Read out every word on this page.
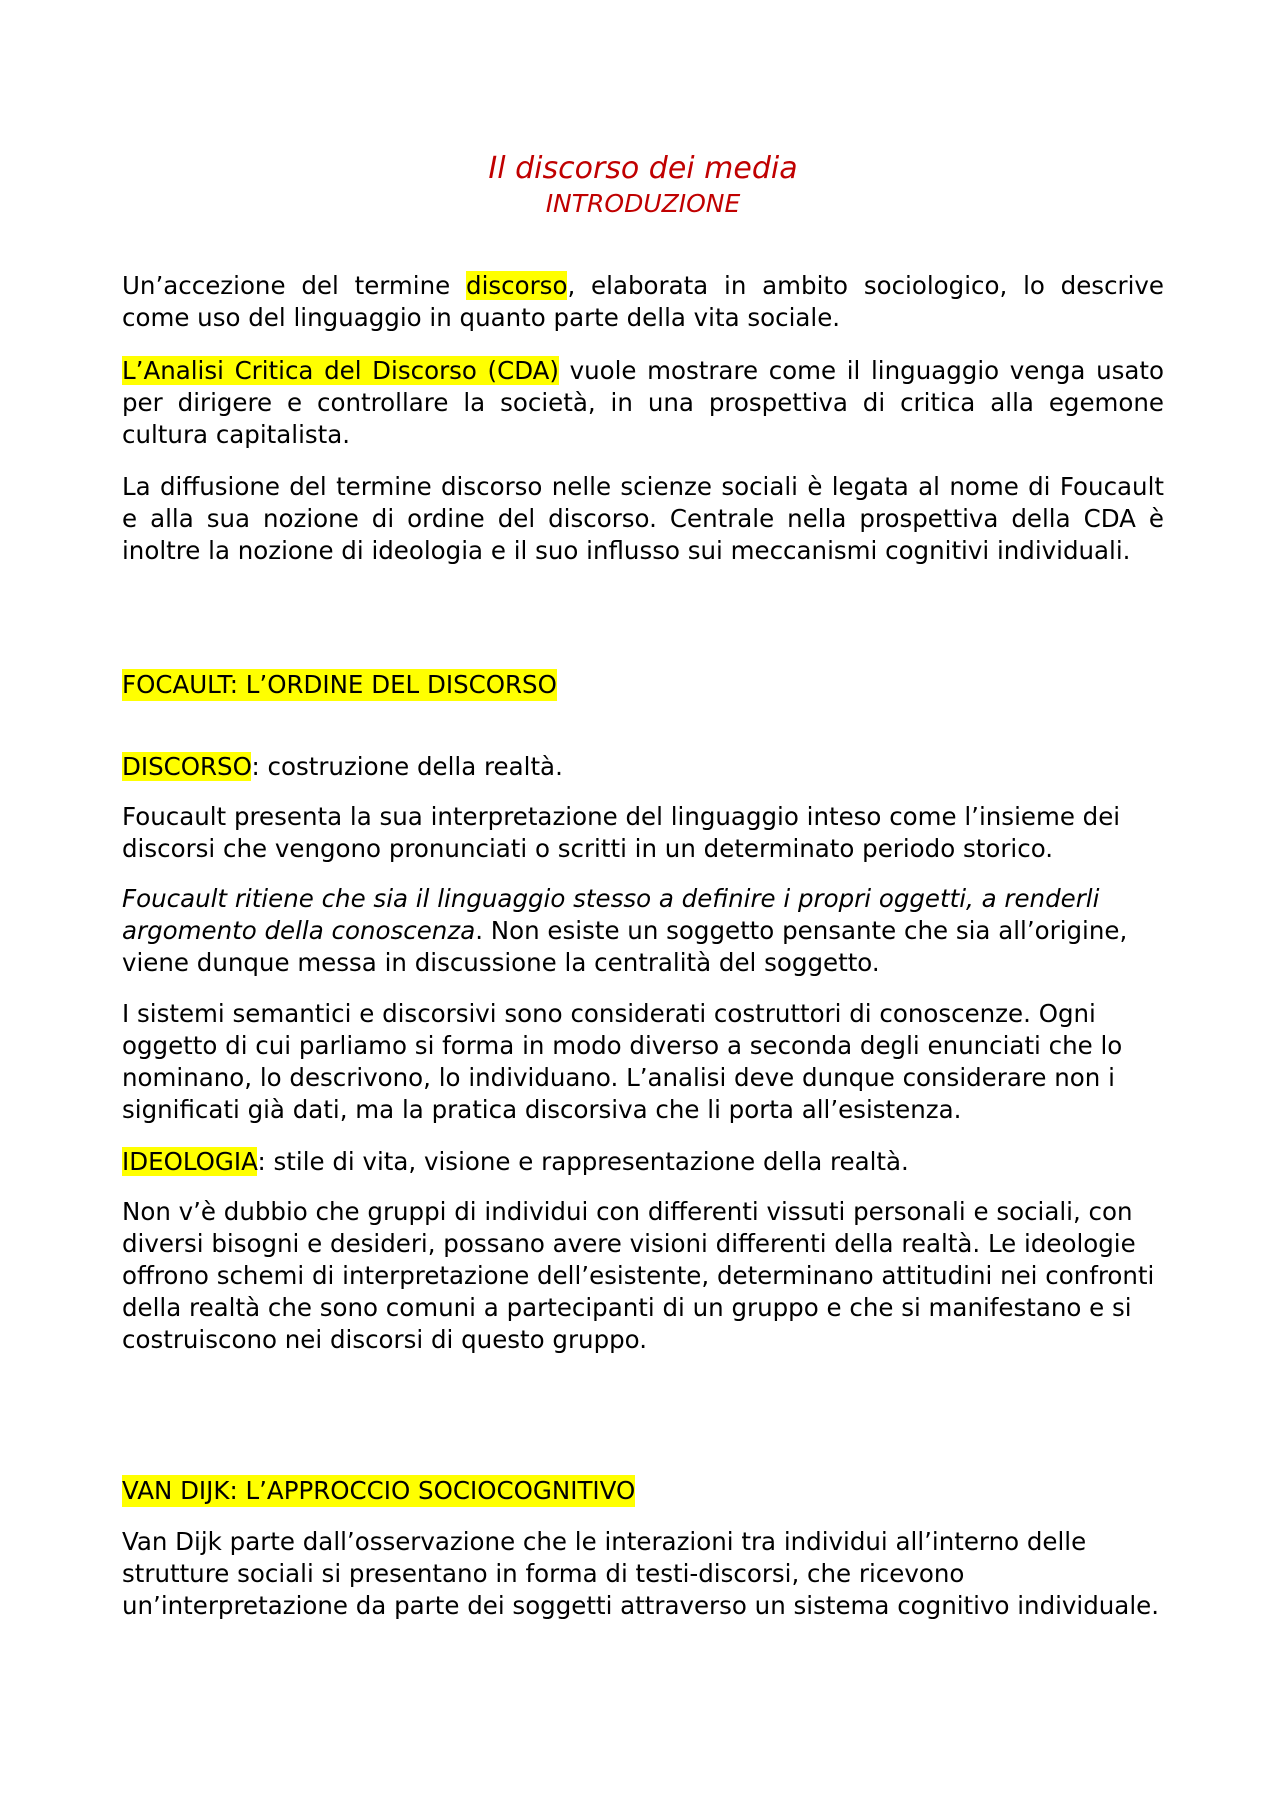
Il discorso dei media
INTRODUZIONE

Un’accezione del termine discorso, elaborata in ambito sociologico, lo descrive come uso del linguaggio in quanto parte della vita sociale.

L’Analisi Critica del Discorso (CDA) vuole mostrare come il linguaggio venga usato per dirigere e controllare la società, in una prospettiva di critica alla egemone cultura capitalista.

La diffusione del termine discorso nelle scienze sociali è legata al nome di Foucault e alla sua nozione di ordine del discorso. Centrale nella prospettiva della CDA è inoltre la nozione di ideologia e il suo influsso sui meccanismi cognitivi individuali.

FOCAULT: L’ORDINE DEL DISCORSO

DISCORSO: costruzione della realtà.

Foucault presenta la sua interpretazione del linguaggio inteso come l’insieme dei discorsi che vengono pronunciati o scritti in un determinato periodo storico.

Foucault ritiene che sia il linguaggio stesso a definire i propri oggetti, a renderli argomento della conoscenza. Non esiste un soggetto pensante che sia all’origine, viene dunque messa in discussione la centralità del soggetto.

I sistemi semantici e discorsivi sono considerati costruttori di conoscenze. Ogni oggetto di cui parliamo si forma in modo diverso a seconda degli enunciati che lo nominano, lo descrivono, lo individuano. L’analisi deve dunque considerare non i significati già dati, ma la pratica discorsiva che li porta all’esistenza.

IDEOLOGIA: stile di vita, visione e rappresentazione della realtà.

Non v’è dubbio che gruppi di individui con differenti vissuti personali e sociali, con diversi bisogni e desideri, possano avere visioni differenti della realtà. Le ideologie offrono schemi di interpretazione dell’esistente, determinano attitudini nei confronti della realtà che sono comuni a partecipanti di un gruppo e che si manifestano e si costruiscono nei discorsi di questo gruppo.

VAN DIJK: L’APPROCCIO SOCIOCOGNITIVO

Van Dijk parte dall’osservazione che le interazioni tra individui all’interno delle strutture sociali si presentano in forma di testi-discorsi, che ricevono un’interpretazione da parte dei soggetti attraverso un sistema cognitivo individuale.
